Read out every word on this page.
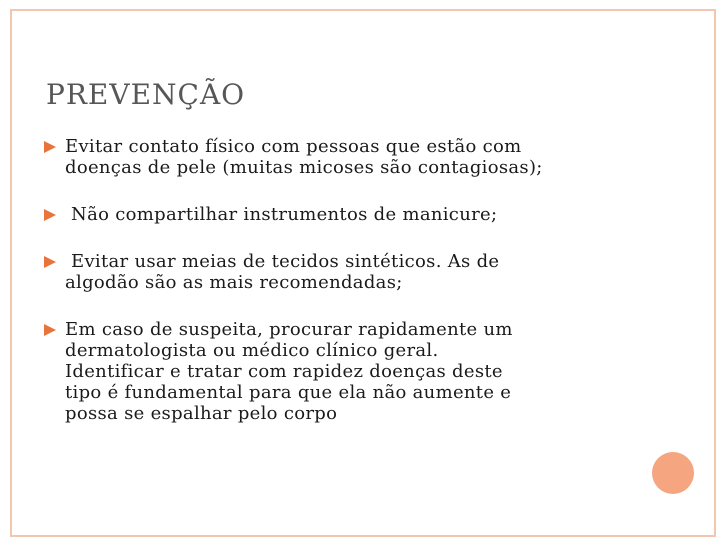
PREVENÇÃO
Evitar contato físico com pessoas que estão com
doenças de pele (muitas micoses são contagiosas);
Não compartilhar instrumentos de manicure;
Evitar usar meias de tecidos sintéticos. As de
algodão são as mais recomendadas;
Em caso de suspeita, procurar rapidamente um
dermatologista ou médico clínico geral.
Identificar e tratar com rapidez doenças deste
tipo é fundamental para que ela não aumente e
possa se espalhar pelo corpo
